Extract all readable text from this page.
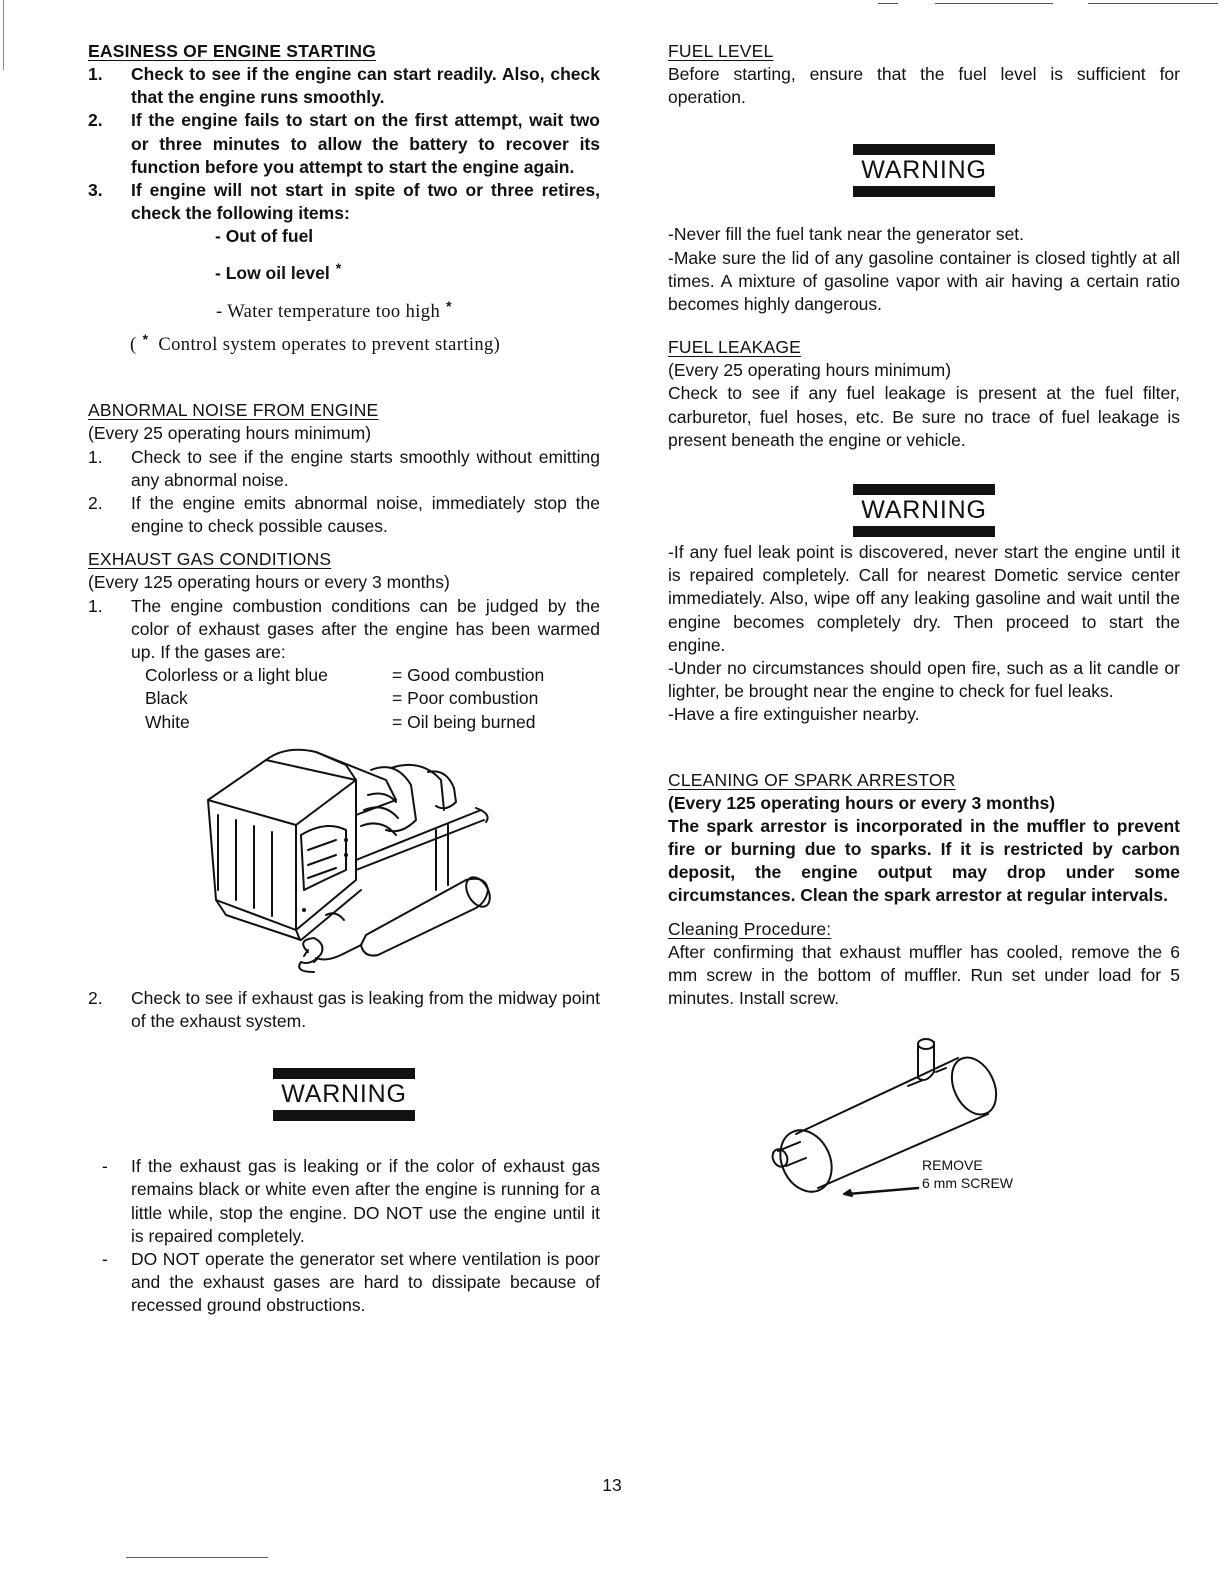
EASINESS OF ENGINE STARTING
1.	Check to see if the engine can start readily. Also, check that the engine runs smoothly.
2.	If the engine fails to start on the first attempt, wait two or three minutes to allow the battery to recover its function before you attempt to start the engine again.
3.	If engine will not start in spite of two or three retires, check the following items:
- Out of fuel
- Low oil level *
- Water temperature too high *
( * Control system operates to prevent starting)
ABNORMAL NOISE FROM ENGINE

(Every 25 operating hours minimum)

1.	Check to see if the engine starts smoothly without emitting any abnormal noise.
2.	If the engine emits abnormal noise, immediately stop the engine to check possible causes.
EXHAUST GAS CONDITIONS

(Every 125 operating hours or every 3 months)

1.	The engine combustion conditions can be judged by the color of exhaust gases after the engine has been warmed up. If the gases are:
Colorless or a light blue	= Good combustion
Black	= Poor combustion
White	= Oil being burned
2.	Check to see if exhaust gas is leaking from the midway point of the exhaust system.
WARNING
-	If the exhaust gas is leaking or if the color of exhaust gas remains black or white even after the engine is running for a little while, stop the engine. DO NOT use the engine until it is repaired completely.
-	DO NOT operate the generator set where ventilation is poor and the exhaust gases are hard to dissipate because of recessed ground obstructions.
FUEL LEVEL

Before starting, ensure that the fuel level is sufficient for operation.

WARNING

-Never fill the fuel tank near the generator set.

-Make sure the lid of any gasoline container is closed tightly at all times. A mixture of gasoline vapor with air having a certain ratio becomes highly dangerous.

FUEL LEAKAGE

(Every 25 operating hours minimum)

Check to see if any fuel leakage is present at the fuel filter, carburetor, fuel hoses, etc. Be sure no trace of fuel leakage is present beneath the engine or vehicle.

WARNING

-If any fuel leak point is discovered, never start the engine until it is repaired completely. Call for nearest Dometic service center immediately. Also, wipe off any leaking gasoline and wait until the engine becomes completely dry. Then proceed to start the engine.

-Under no circumstances should open fire, such as a lit candle or lighter, be brought near the engine to check for fuel leaks.

-Have a fire extinguisher nearby.

CLEANING OF SPARK ARRESTOR

(Every 125 operating hours or every 3 months)

The spark arrestor is incorporated in the muffler to prevent fire or burning due to sparks. If it is restricted by carbon deposit, the engine output may drop under some circumstances. Clean the spark arrestor at regular intervals.

Cleaning Procedure:

After confirming that exhaust muffler has cooled, remove the 6 mm screw in the bottom of muffler. Run set under load for 5 minutes. Install screw.

REMOVE
6 mm SCREW
13
